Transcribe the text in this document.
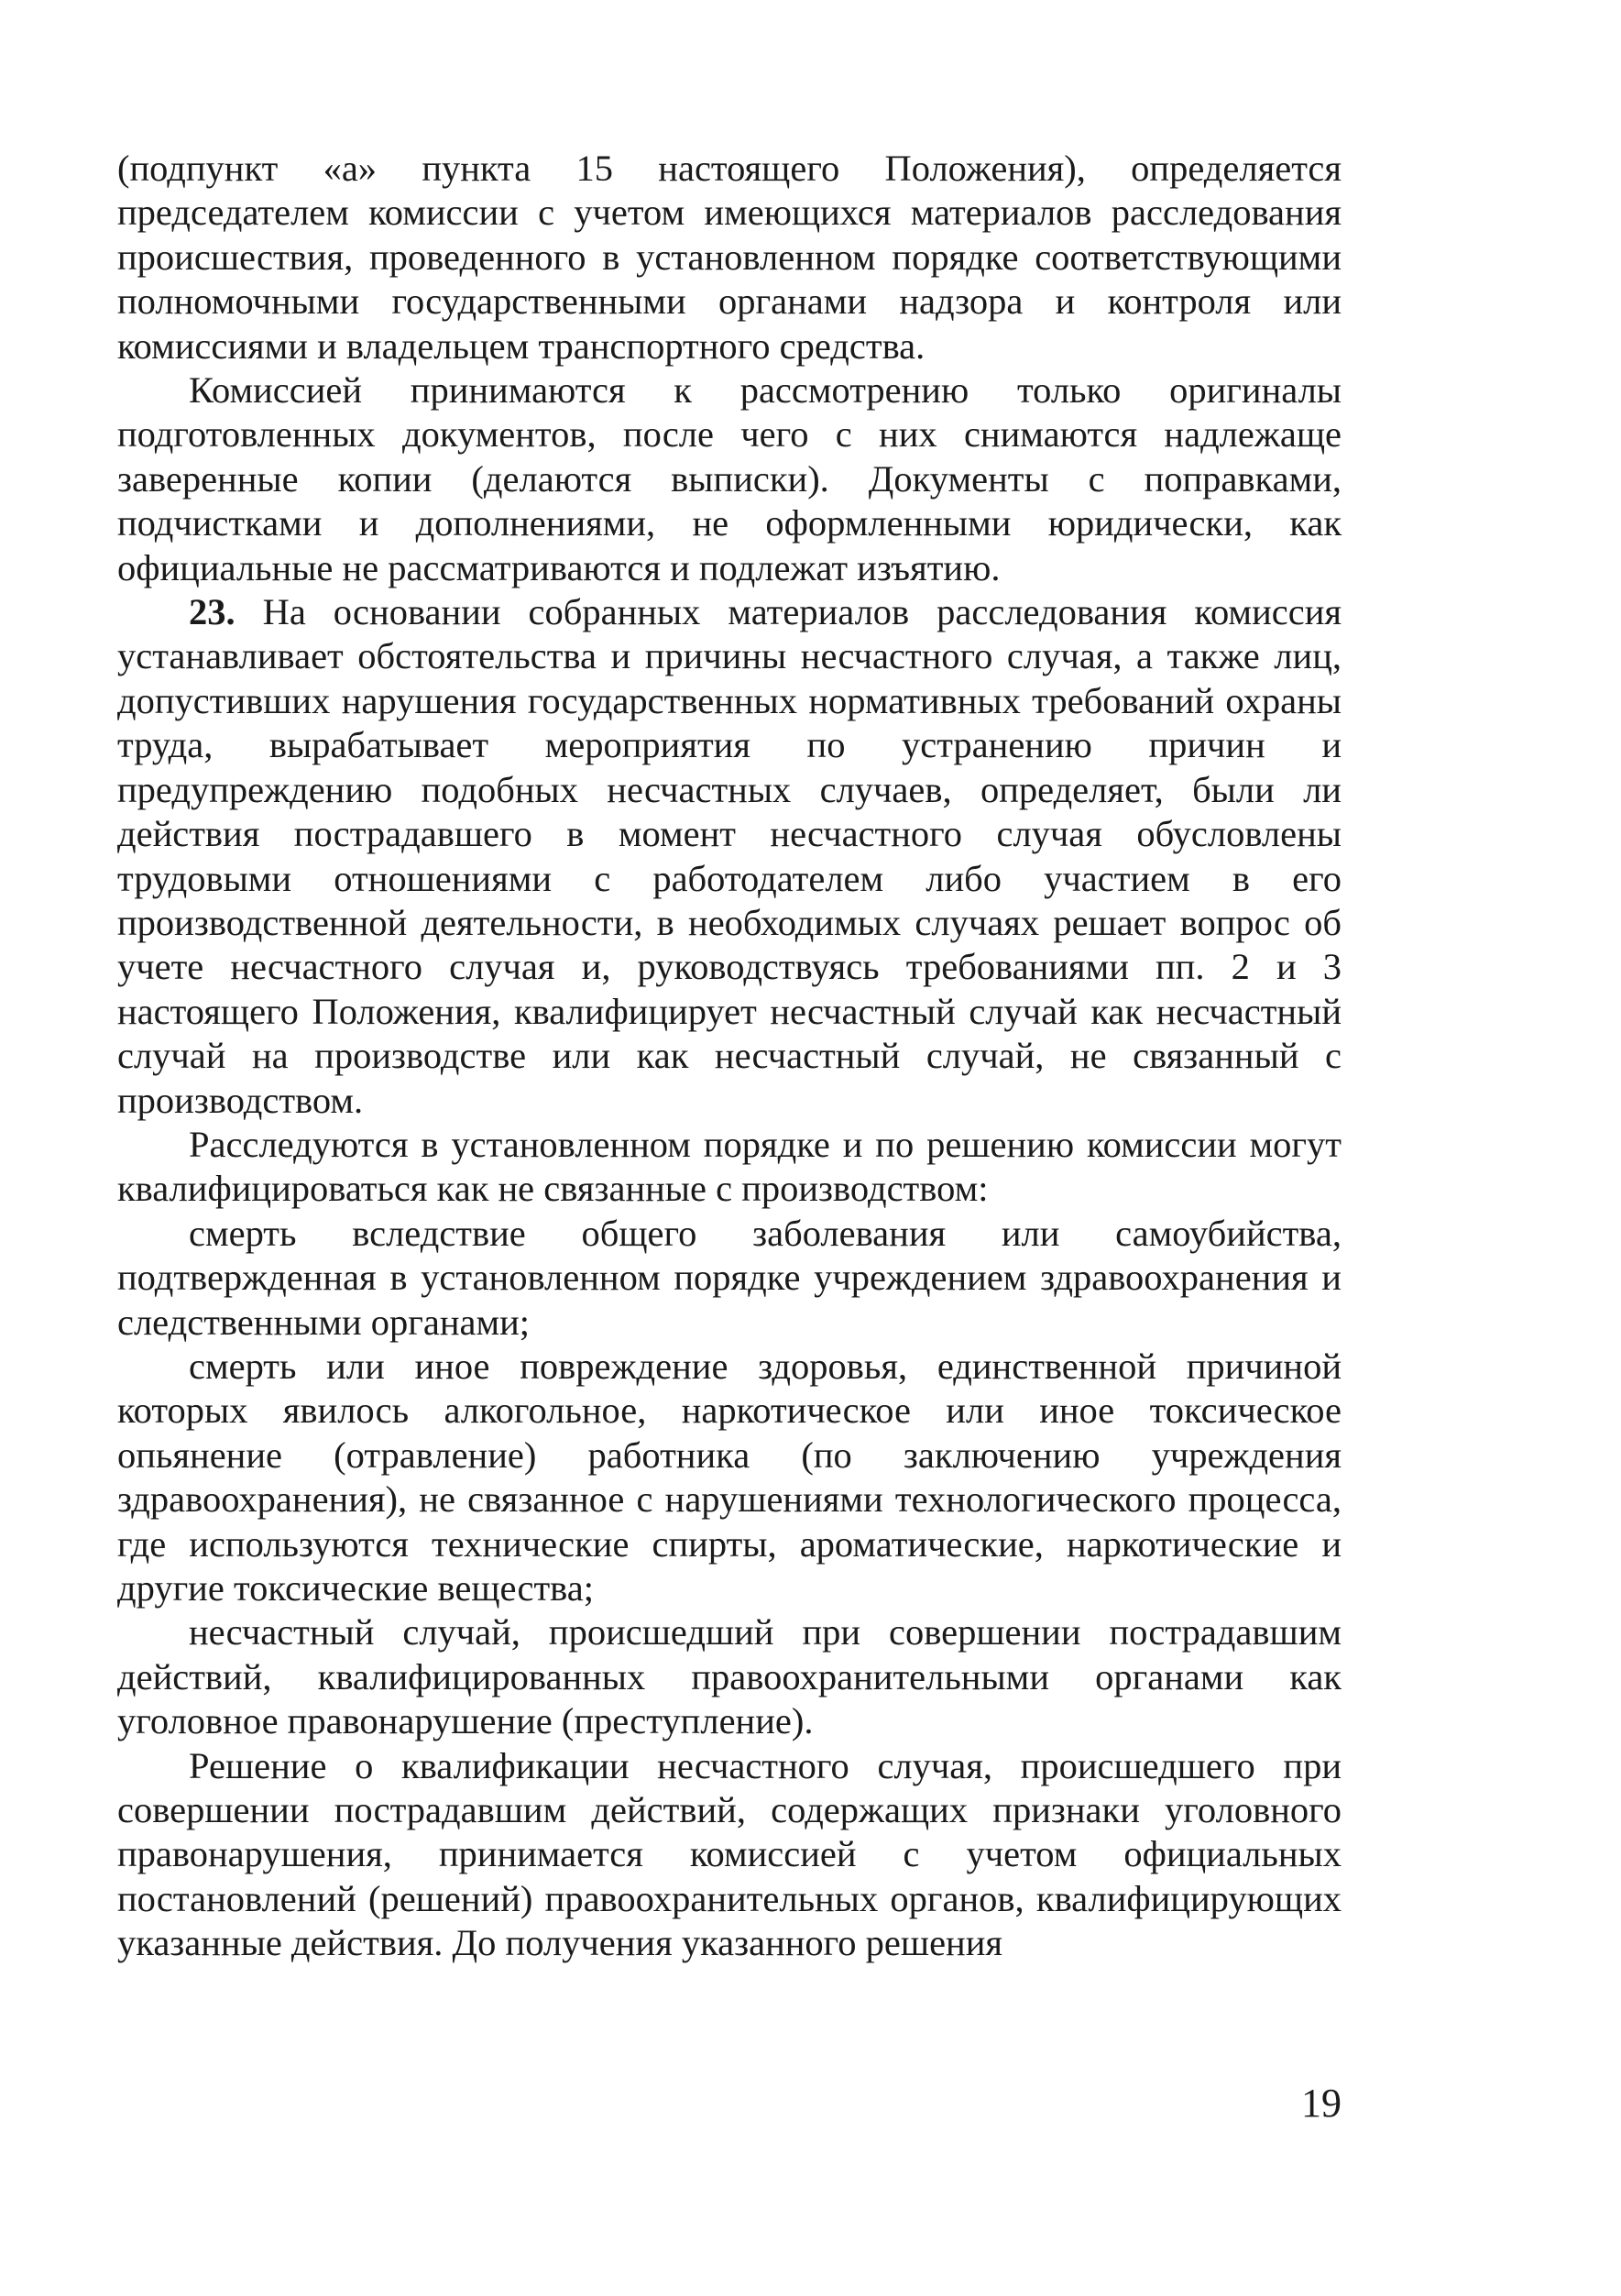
(подпункт «а» пункта 15 настоящего Положения), определяется председателем комиссии с учетом имеющихся материалов расследования происшествия, проведенного в установленном порядке соответствующими полномочными государственными органами надзора и контроля или комиссиями и владельцем транспортного средства.

Комиссией принимаются к рассмотрению только оригиналы подготовленных документов, после чего с них снимаются надлежаще заверенные копии (делаются выписки). Документы с поправками, подчистками и дополнениями, не оформленными юридически, как официальные не рассматриваются и подлежат изъятию.

23. На основании собранных материалов расследования комиссия устанавливает обстоятельства и причины несчастного случая, а также лиц, допустивших нарушения государственных нормативных требований охраны труда, вырабатывает мероприятия по устранению причин и предупреждению подобных несчастных случаев, определяет, были ли действия пострадавшего в момент несчастного случая обусловлены трудовыми отношениями с работодателем либо участием в его производственной деятельности, в необходимых случаях решает вопрос об учете несчастного случая и, руководствуясь требованиями пп. 2 и 3 настоящего Положения, квалифицирует несчастный случай как несчастный случай на производстве или как несчастный случай, не связанный с производством.

Расследуются в установленном порядке и по решению комиссии могут квалифицироваться как не связанные с производством:

смерть вследствие общего заболевания или самоубийства, подтвержденная в установленном порядке учреждением здравоохранения и следственными органами;

смерть или иное повреждение здоровья, единственной причиной которых явилось алкогольное, наркотическое или иное токсическое опьянение (отравление) работника (по заключению учреждения здравоохранения), не связанное с нарушениями технологического процесса, где используются технические спирты, ароматические, наркотические и другие токсические вещества;

несчастный случай, происшедший при совершении пострадавшим действий, квалифицированных правоохранительными органами как уголовное правонарушение (преступление).

Решение о квалификации несчастного случая, происшедшего при совершении пострадавшим действий, содержащих признаки уголовного правонарушения, принимается комиссией с учетом официальных постановлений (решений) правоохранительных органов, квалифицирующих указанные действия. До получения указанного решения

19
